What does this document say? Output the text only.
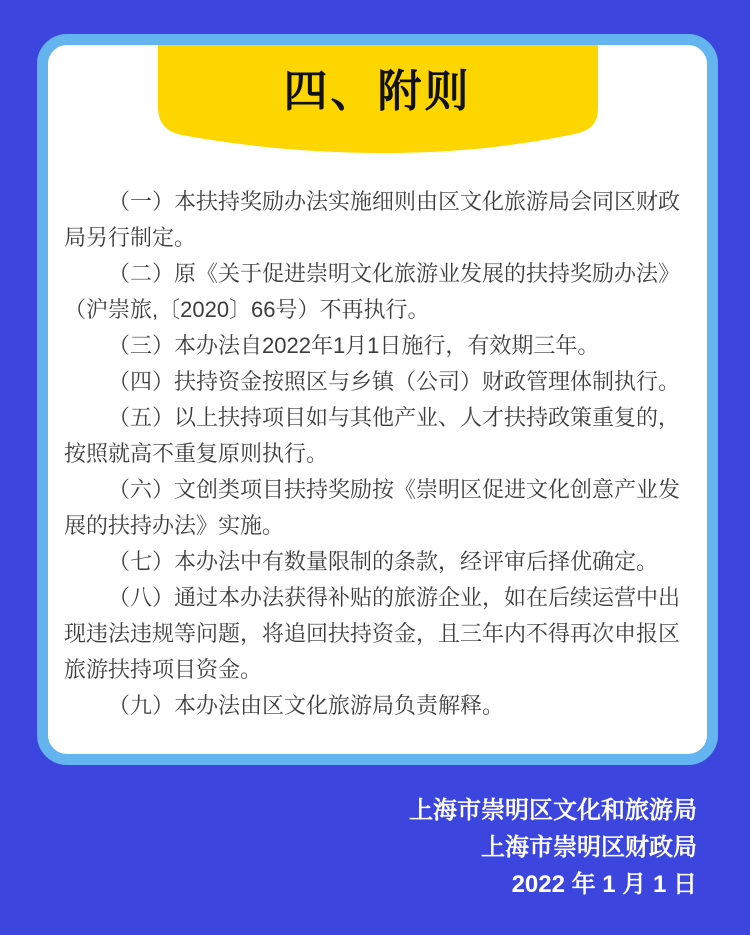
四、附则

（一）本扶持奖励办法实施细则由区文化旅游局会同区财政局另行制定。

（二）原《关于促进崇明文化旅游业发展的扶持奖励办法》（沪崇旅,〔2020〕66号）不再执行。

（三）本办法自2022年1月1日施行，有效期三年。

（四）扶持资金按照区与乡镇（公司）财政管理体制执行。

（五）以上扶持项目如与其他产业、人才扶持政策重复的，按照就高不重复原则执行。

（六）文创类项目扶持奖励按《崇明区促进文化创意产业发展的扶持办法》实施。

（七）本办法中有数量限制的条款，经评审后择优确定。

（八）通过本办法获得补贴的旅游企业，如在后续运营中出现违法违规等问题，将追回扶持资金，且三年内不得再次申报区旅游扶持项目资金。

（九）本办法由区文化旅游局负责解释。

上海市崇明区文化和旅游局
上海市崇明区财政局
2022 年 1 月 1 日
